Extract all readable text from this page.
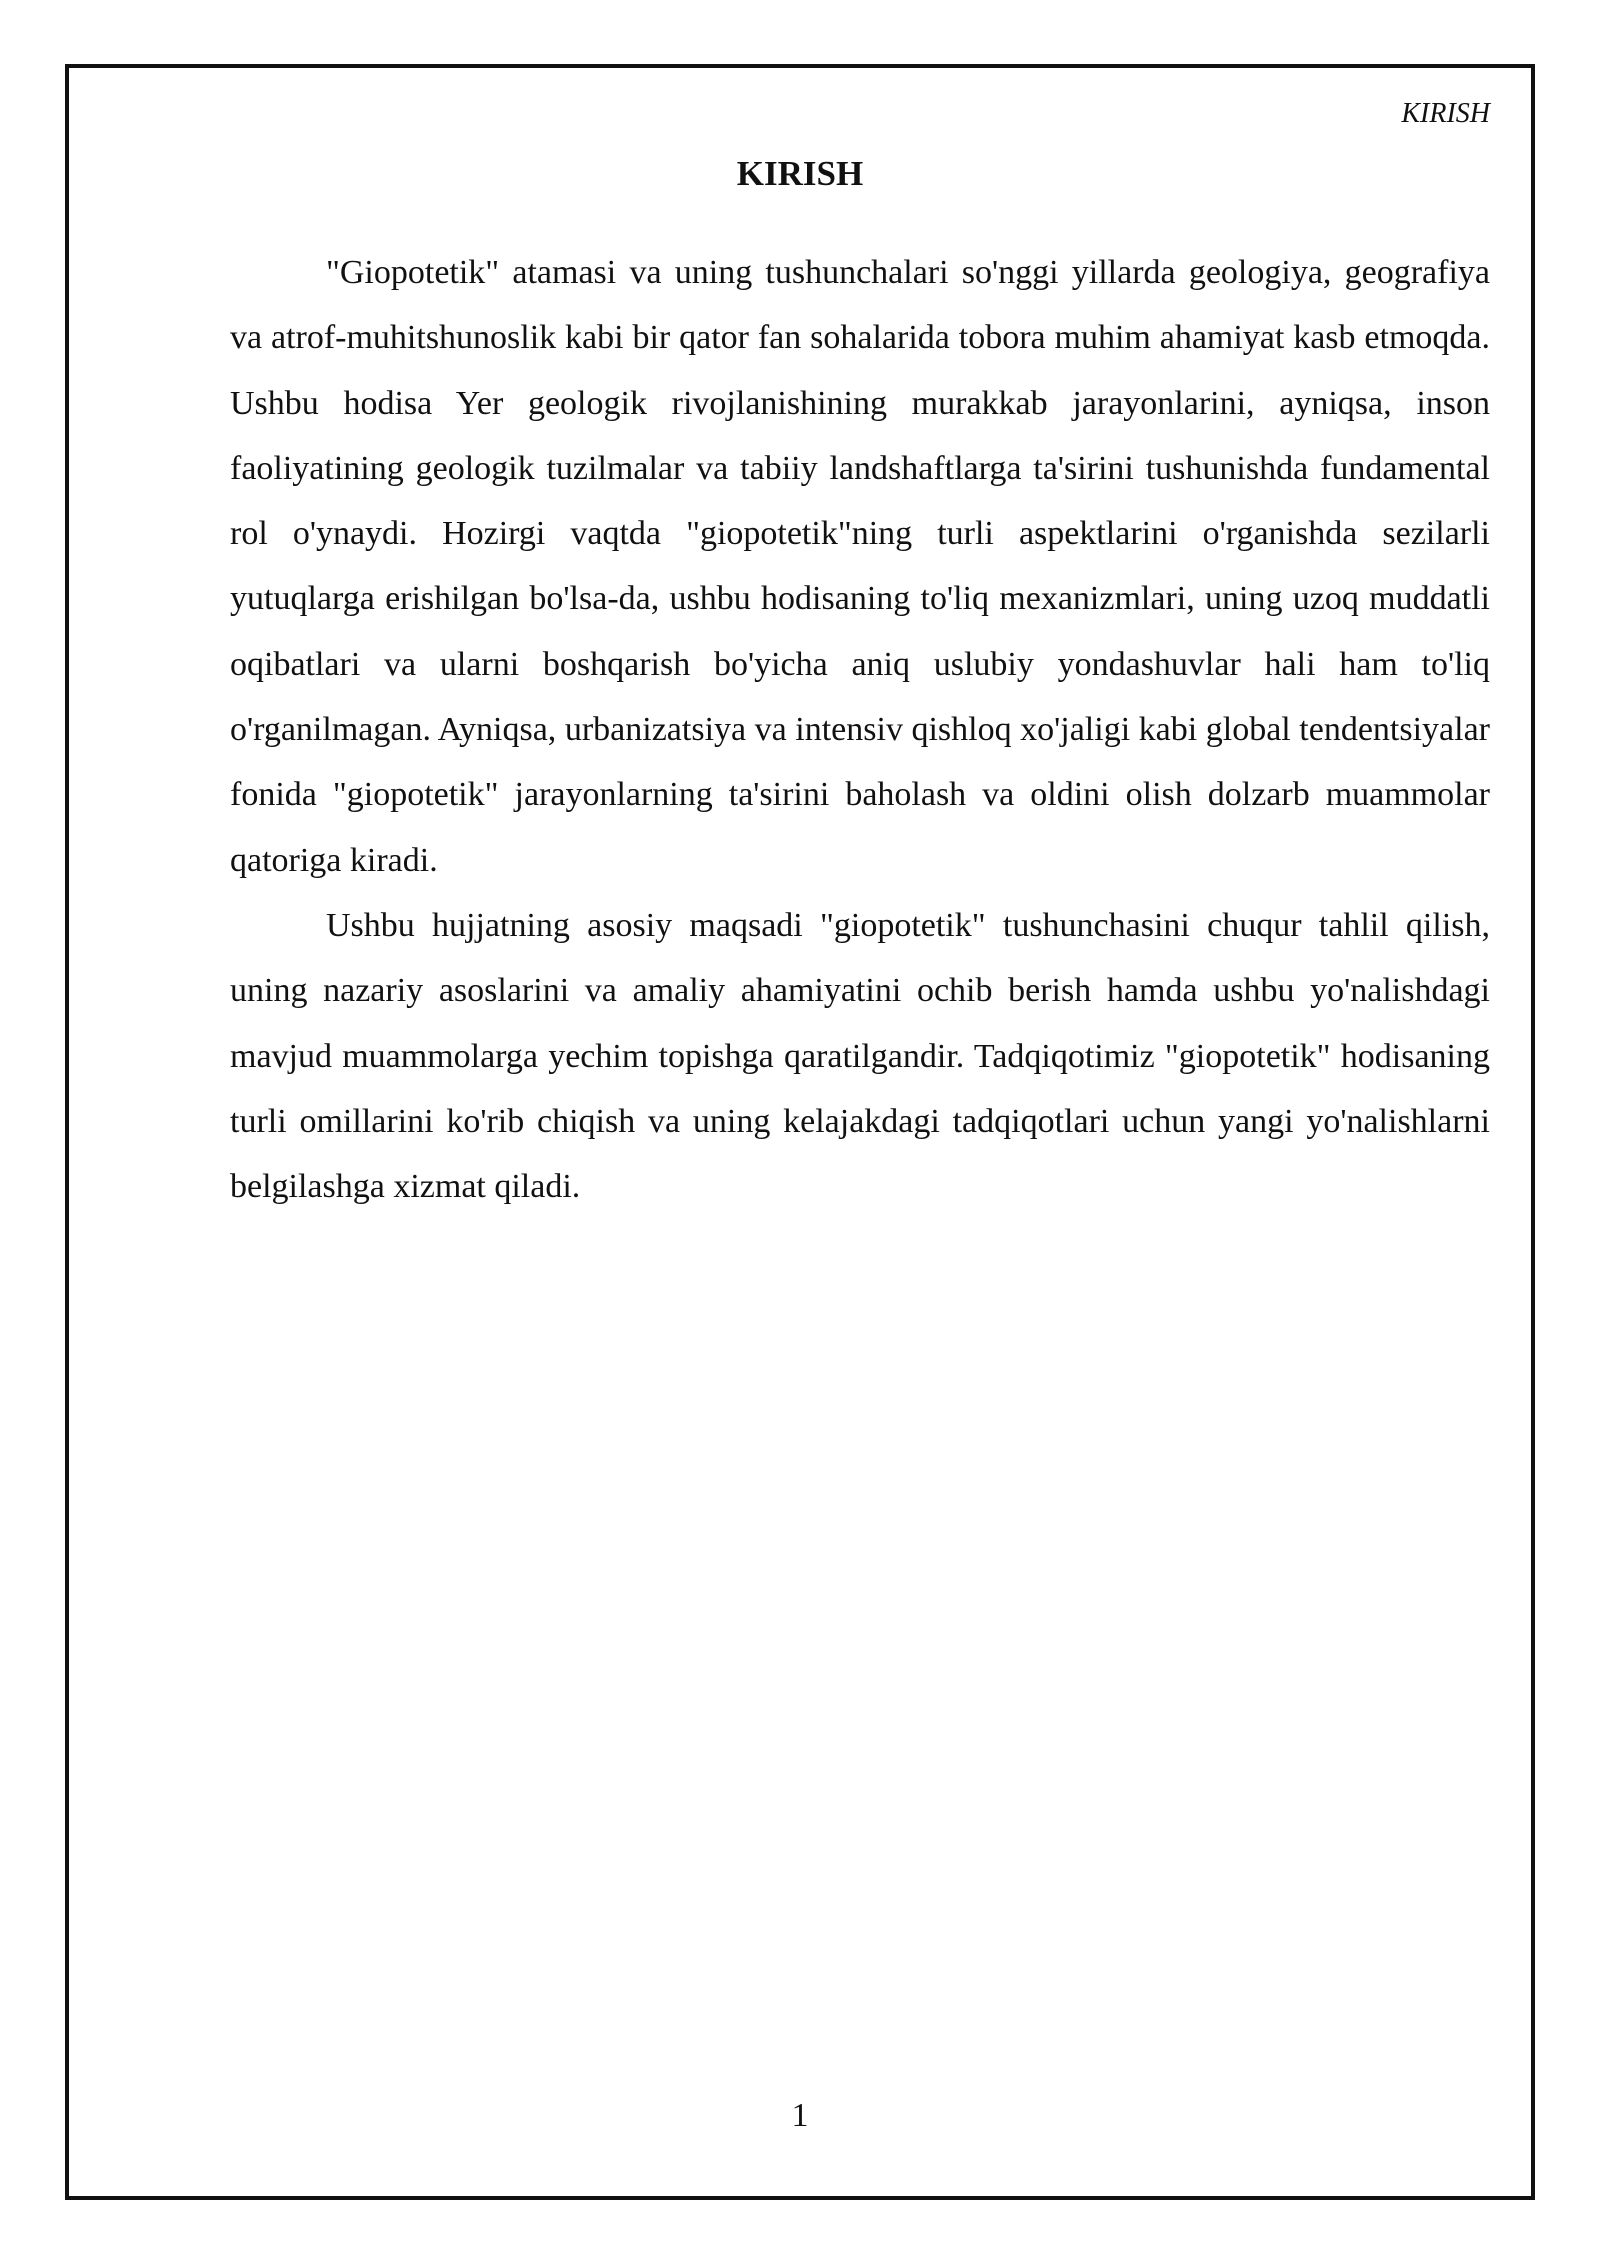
KIRISH
KIRISH

"Giopotetik" atamasi va uning tushunchalari so'nggi yillarda geologiya, geografiya va atrof-muhitshunoslik kabi bir qator fan sohalarida tobora muhim ahamiyat kasb etmoqda. Ushbu hodisa Yer geologik rivojlanishining murakkab jarayonlarini, ayniqsa, inson faoliyatining geologik tuzilmalar va tabiiy landshaftlarga ta'sirini tushunishda fundamental rol o'ynaydi. Hozirgi vaqtda "giopotetik"ning turli aspektlarini o'rganishda sezilarli yutuqlarga erishilgan bo'lsa-da, ushbu hodisaning to'liq mexanizmlari, uning uzoq muddatli oqibatlari va ularni boshqarish bo'yicha aniq uslubiy yondashuvlar hali ham to'liq o'rganilmagan. Ayniqsa, urbanizatsiya va intensiv qishloq xo'jaligi kabi global tendentsiyalar fonida "giopotetik" jarayonlarning ta'sirini baholash va oldini olish dolzarb muammolar qatoriga kiradi.

Ushbu hujjatning asosiy maqsadi "giopotetik" tushunchasini chuqur tahlil qilish, uning nazariy asoslarini va amaliy ahamiyatini ochib berish hamda ushbu yo'nalishdagi mavjud muammolarga yechim topishga qaratilgandir. Tadqiqotimiz "giopotetik" hodisaning turli omillarini ko'rib chiqish va uning kelajakdagi tadqiqotlari uchun yangi yo'nalishlarni belgilashga xizmat qiladi.

1
